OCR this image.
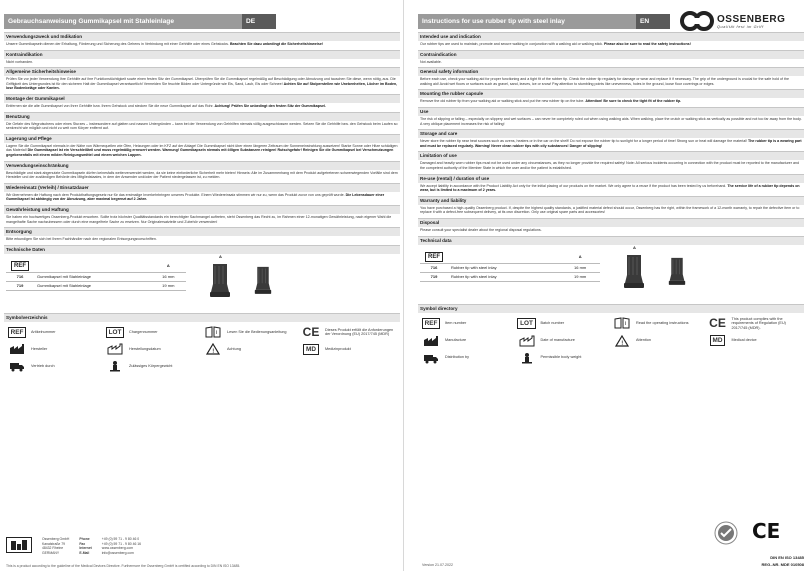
Gebrauchsanweisung Gummikapsel mit Stahleinlage	DE
Verwendungszweck und Indikation

Unsere Gummikapseln dienen der Erhaltung, Förderung und Sicherung des Gehens in Verbindung mit einer Gehhilfe oder eines Gehstocks. Beachten Sie dazu unbedingt die Sicherheitshinweise!

Kontraindikation

Nicht vorhanden.

Allgemeine Sicherheitshinweise

Prüfen Sie vor jeder Verwendung Ihre Gehhilfe auf ihre Funktionstüchtigkeit sowie einen festen Sitz der Gummikapsel. Überprüfen Sie die Gummikapsel regelmäßig auf Beschädigung oder Abnutzung und tauschen Sie diese, wenn nötig, aus. Die Griffigkeit des Untergrundes ist für den sicheren Halt der Gummikapsel verantwortlich! Vermeiden Sie feuchte Böden oder Untergründe wie Eis, Sand, Laub, Eis oder Schnee! Achten Sie auf Stolperstellen wie Unebenheiten, Löcher im Boden, lose Bodenbeläge oder Kanten.

Montage der Gummikapsel

Entfernen sie die alte Gummikapsel von Ihrer Gehhilfe bzw. Ihrem Gehstock und stecken Sie die neue Gummikapsel auf das Rohr. Achtung! Prüfen Sie unbedingt den festen Sitz der Gummikapsel.

Benutzung

Die Gefahr des Wegrutschens oder eines Sturzes – insbesondere auf glatten und nassen Untergründen – kann bei der Verwendung von Gehhilfen niemals völlig ausgeschlossen werden. Setzen Sie die Gehhilfe bzw. den Gehstock beim Laufen so senkrecht wie möglich und nicht zu weit vom Körper entfernt auf.

Lagerung und Pflege

Lagern Sie die Gummikapsel niemals in der Nähe von Wärmequellen wie Öfen, Heizungen oder im KFZ auf der Ablage! Die Gummikapsel nicht über einen längeren Zeitraum der Sonneneinstrahlung aussetzen! Starke Sonne oder Hitze schädigen das Material! Die Gummikapsel ist ein Verschleißteil und muss regelmäßig erneuert werden. Warnung! Gummikapseln niemals mit ölligen Substanzen reinigen! Rutschgefahr! Reinigen Sie die Gummikapsel bei Verschmutzungen gegebenenfalls mit einem milden Reinigungsmittel und einem weichen Lappen.

Verwendungseinschränkung

Beschädigte und stark abgenutzte Gummikapseln dürfen keinesfalls weiterverwendet werden, da sie keine einforderliche Sicherheit mehr bieten! Hinweis: Alle im Zusammenhang mit dem Produkt aufgetretenen schwerwiegenden Vorfälle sind dem Hersteller und der zuständigen Behörde des Mitgliedstaates, in dem der Anwender und/oder der Patient niedergelassen ist, zu melden.

Wiedereinsatz (Verleih) / Einsatzdauer

Wir übernehmen die Haftung nach dem Produkthaftungsgesetz nur für das erstmalige Inverkehrbringen unseres Produkte. Einem Wiedereinsatz stimmen wir nur zu, wenn das Produkt zuvor von uns geprüft wurde. Die Lebensdauer einer Gummikapsel ist abhängig von der Abnutzung, aber maximal begrenzt auf 2 Jahre.

Gewährleistung und Haftung

Sie haben ein hochwertiges Ossenberg-Produkt erworben. Sollte trotz höchster Qualitätsstandards ein berechtigter Sachmangel auftreten, steht Ossenberg das Recht zu, im Rahmen einer 12-monatigen Gewährleistung, nach eigener Wahl die mangelhafte Sache nachzubessern oder durch eine mangelfreie Sache zu ersetzen. Nur Originalersatzteile und Zubehör verwenden!

Entsorgung

Bitte erkundigen Sie sich bei Ihrem Fachhändler nach den regionalen Entsorgungsvorschriften.

Technische Daten
REF		A
716	Gummikapsel mit Stahleinlage	16 mm
719	Gummikapsel mit Stahleinlage	19 mm
A
Symbolverzeichnis
REF	Artikelnummer	LOT	Chargennummer	i	Lesen Sie die Bedienungsanleitung CE Dieses Produkt erfüllt die Anforderungen der Verordnung (EU) 2017/745 (MDR)
Hersteller	Herstellungsdatum	!	Achtung	MD	Medizinprodukt
Vertrieb durch	Zulässiges Körpergewicht
Ossenberg GmbH
Kanalstraße 79
48432 Rheine
GERMANY
Phone
Fax
Internet
E-Mail
+49 (0) 59 71 - 9 80 46 0
+49 (0) 59 71 - 9 80 46 16
www.ossenberg.com
info@ossenberg.com
This is a product according to the guideline of the Medical Devices Directive. Furthermore the Ossenberg GmbH is certified according to DIN EN ISO 13485.
Instructions for use rubber tip with steel inlay	EN	OSSENBERG
Qualität fest im Griff
Intended use and indication

Our rubber tips are used to maintain, promote and secure walking in conjunction with a walking aid or walking stick. Please also be sure to read the safety instructions!

Contraindication

Not available.

General safety information

Before each use, check your walking aid for proper functioning and a tight fit of the rubber tip. Check the rubber tip regularly for damage or wear and replace it if necessary. The grip of the underground is crucial for the safe hold of the walking aid! Avoid wet floors or surfaces such as gravel, sand, leaves, ice or snow! Pay attention to stumbling points like unevenness, holes in the ground, loose floor coverings or edges.

Mounting the rubber capsule

Remove the old rubber tip from your walking aid or walking stick and put the new rubber tip on the tube. Attention! Be sure to check the tight fit of the rubber tip.

Use

The risk of slipping or falling – especially on slippery and wet surfaces – can never be completely ruled out when using walking aids. When walking, place the crutch or walking stick as vertically as possible and not too far away from the body. A very oblique placement increases the risk of falling!

Storage and care

Never store the rubber tip near heat sources such as ovens, heaters or in the car on the shelf! Do not expose the rubber tip to sunlight for a longer period of time! Strong sun or heat will damage the material! The rubber tip is a wearing part and must be replaced regularly. Warning! Never clean rubber tips with oily substances! Danger of slipping!

Limitation of use

Damaged and heavily worn rubber tips must not be used under any circumstances, as they no longer provide the required safety! Note: All serious incidents occurring in connection with the product must be reported to the manufacturer and the competent authority of the Member State in which the user and/or the patient is established.

Re-use (rental) / duration of use

We accept liability in accordance with the Product Liability Act only for the initial placing of our products on the market. We only agree to a reuse if the product has been tested by us beforehand. The service life of a rubber tip depends on wear, but is limited to a maximum of 2 years.

Warranty and liability

You have purchased a high-quality Ossenberg product. If, despite the highest quality standards, a justified material defect should occur, Ossenberg has the right, within the framework of a 12-month warranty, to repair the defective item or to replace it with a defect-free subsequent delivery, at its own discretion. Only use original spare parts and accessories!

Disposal

Please consult your specialist dealer about the regional disposal regulations.

Technical data
REF		A
716	Rubber tip with steel inlay	16 mm
719	Rubber tip with steel inlay	19 mm
A
Symbol directory
REF	Item number	LOT	Batch number	i	Read the operating instructions CE This product complies with the requirements of Regulation (EU) 2017/745 (MDR).
Manufacture	Date of manufacture	!	Attention	MD	Medical device
Distribution by	Permissible body weight
Version 21.07.2022
CE
DIN EN ISO 13485
REG.-NR. MDE 010508
